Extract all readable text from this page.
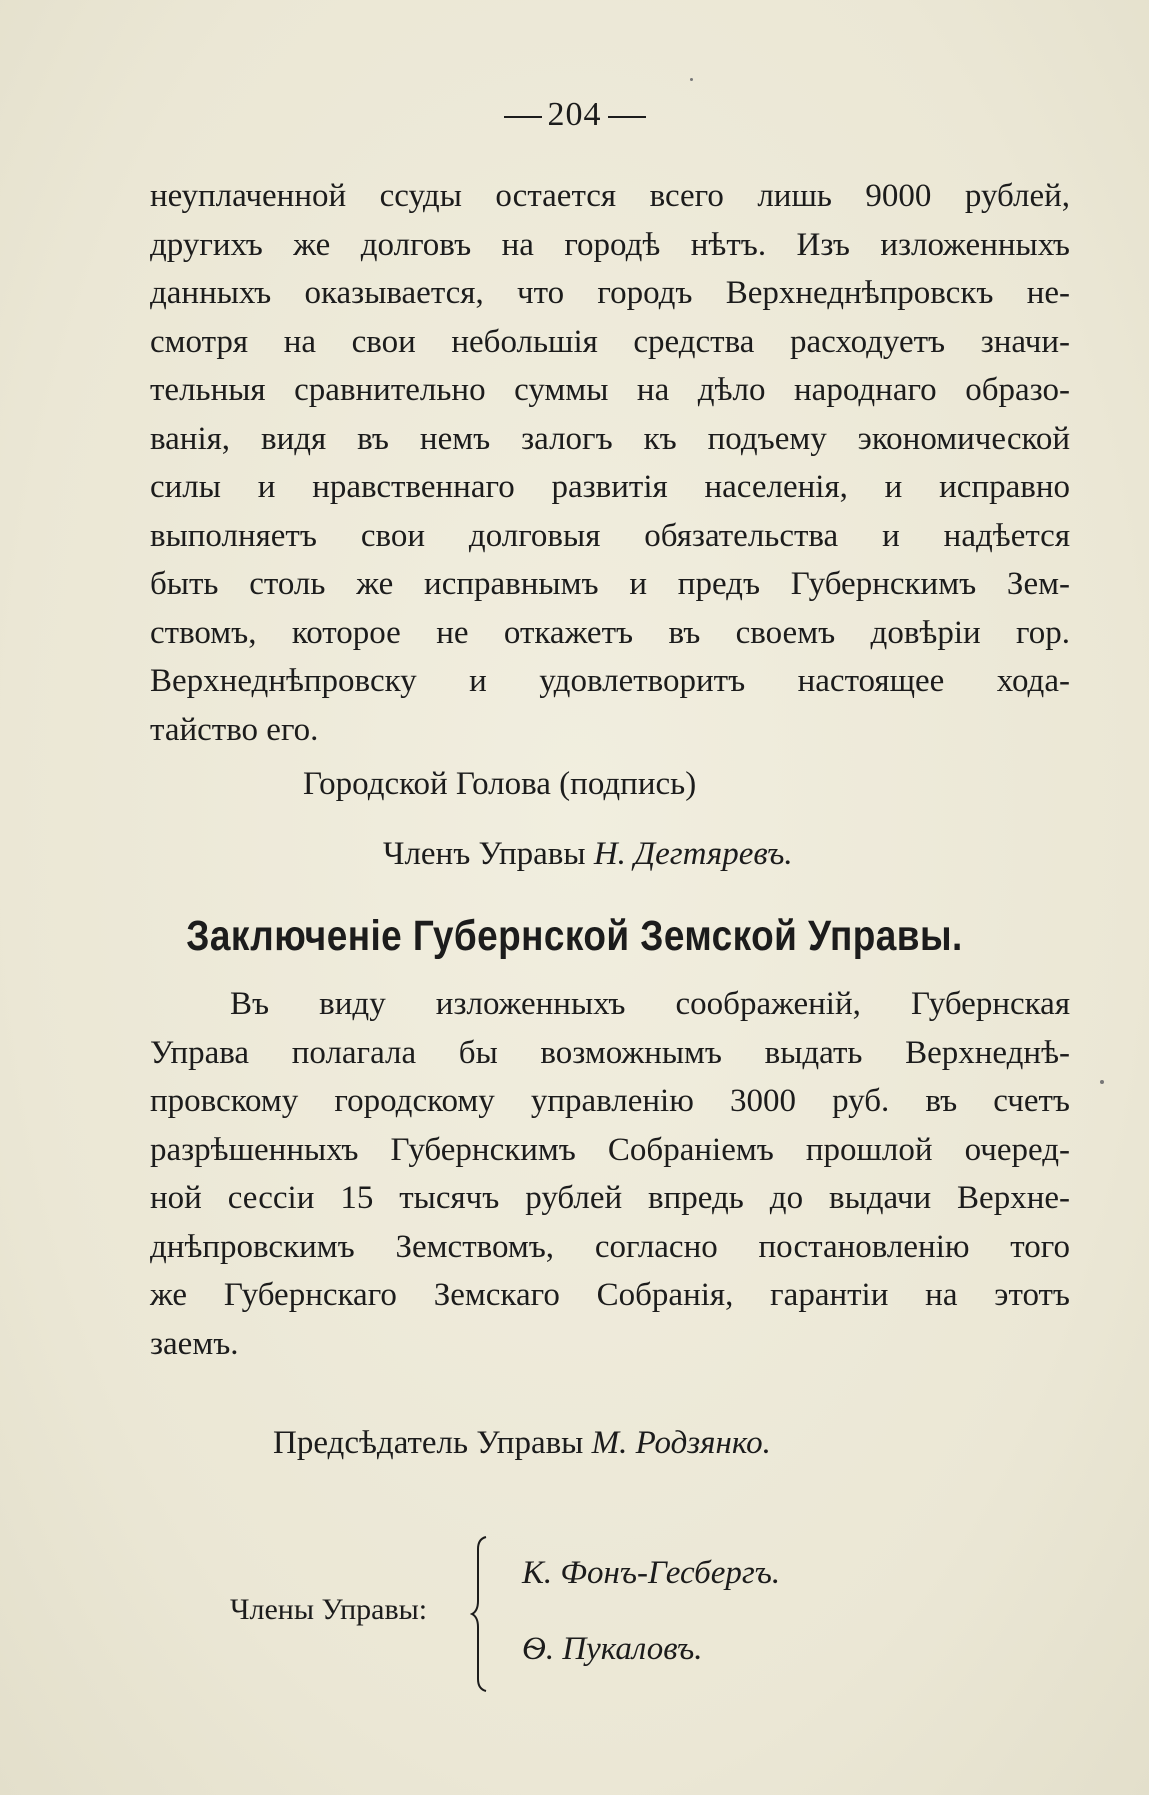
204
неуплаченной ссуды остается всего лишь 9000 рублей,
другихъ же долговъ на городѣ нѣтъ. Изъ изложенныхъ
данныхъ оказывается, что городъ Верхнеднѣпровскъ не-
смотря на свои небольшія средства расходуетъ значи-
тельныя сравнительно суммы на дѣло народнаго образо-
ванія, видя въ немъ залогъ къ подъему экономической
силы и нравственнаго развитія населенія, и исправно
выполняетъ свои долговыя обязательства и надѣется
быть столь же исправнымъ и предъ Губернскимъ Зем-
ствомъ, которое не откажетъ въ своемъ довѣріи гор.
Верхнеднѣпровску и удовлетворитъ настоящее хода-
тайство его.
Городской Голова (подпись)
Членъ Управы Н. Дегтяревъ.
Заключеніе Губернской Земской Управы.
Въ виду изложенныхъ соображеній, Губернская
Управа полагала бы возможнымъ выдать Верхнеднѣ-
провскому городскому управленію 3000 руб. въ счетъ
разрѣшенныхъ Губернскимъ Собраніемъ прошлой очеред-
ной сессіи 15 тысячъ рублей впредь до выдачи Верхне-
днѣпровскимъ Земствомъ, согласно постановленію того
же Губернскаго Земскаго Собранія, гарантіи на этотъ
заемъ.
Предсѣдатель Управы М. Родзянко.
Члены Управы:
К. Фонъ-Гесбергъ.
Ѳ. Пукаловъ.
